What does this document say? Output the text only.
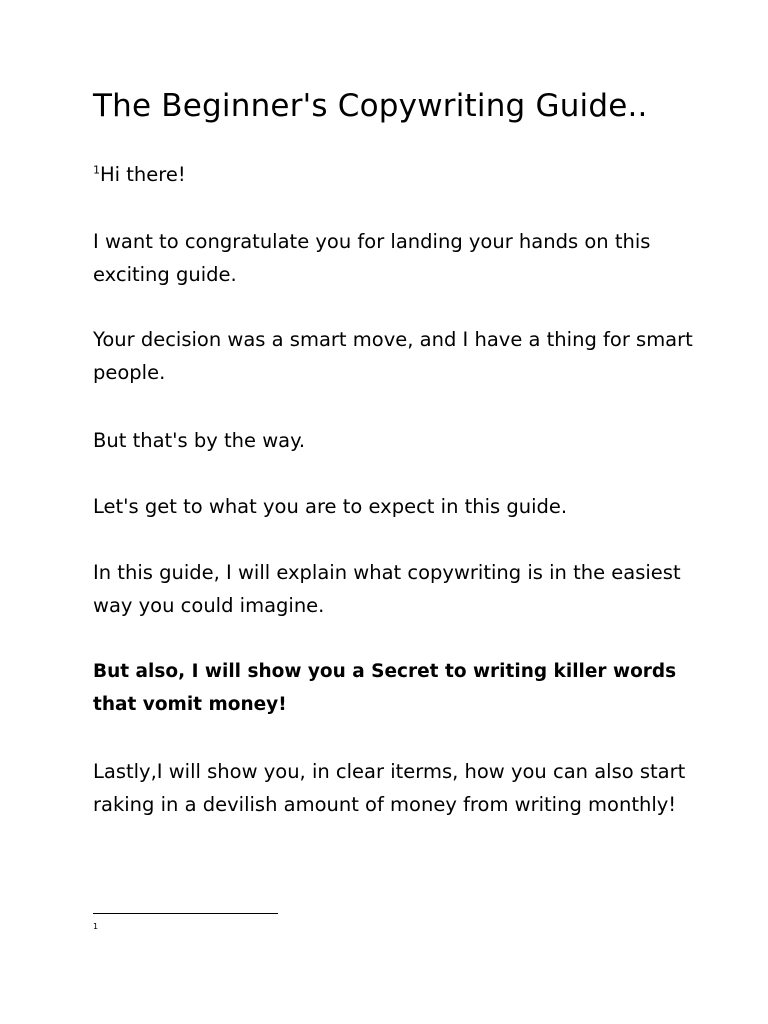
The Beginner's Copywriting Guide..

$^1$Hi there!

I want to congratulate you for landing your hands on this exciting guide.

Your decision was a smart move, and I have a thing for smart people.

But that's by the way.

Let's get to what you are to expect in this guide.

In this guide, I will explain what copywriting is in the easiest way you could imagine.

But also, I will show you a Secret to writing killer words that vomit money!

Lastly,I will show you, in clear iterms, how you can also start raking in a devilish amount of money from writing monthly!

1
